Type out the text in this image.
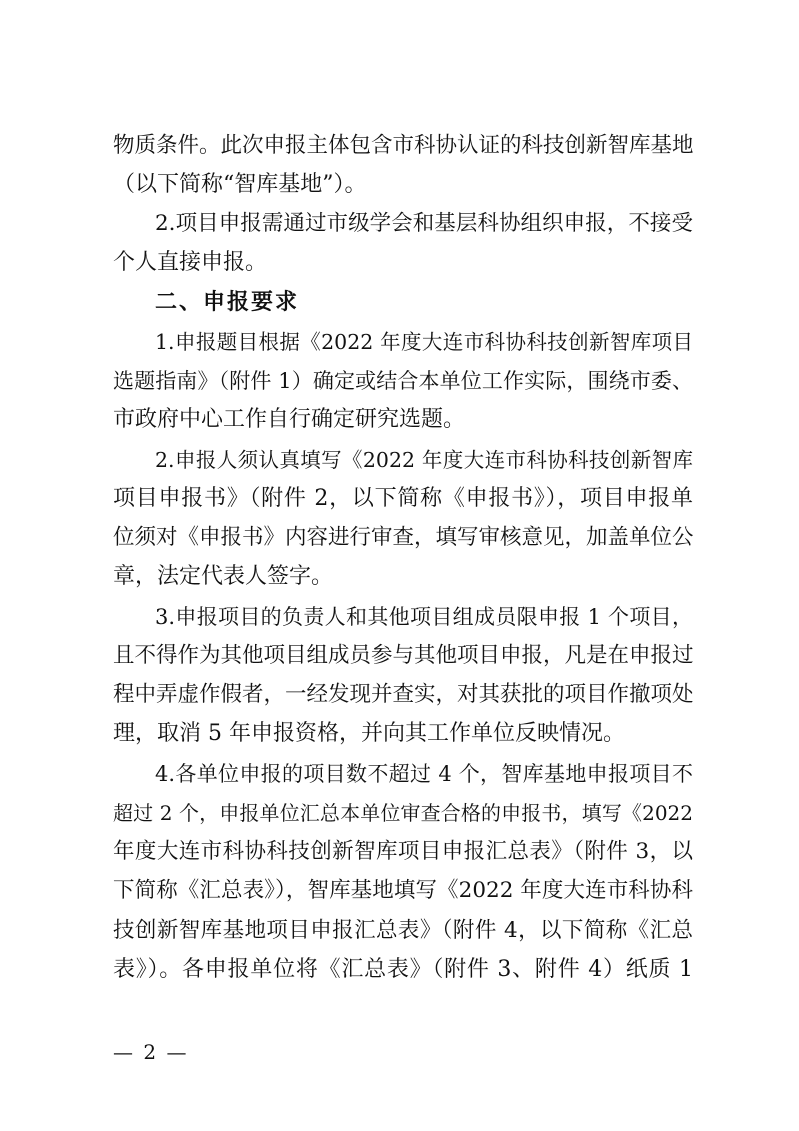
物质条件。此次申报主体包含市科协认证的科技创新智库基地
（以下简称“智库基地”）。
2.项目申报需通过市级学会和基层科协组织申报，不接受
个人直接申报。
二、申报要求
1.申报题目根据《2022 年度大连市科协科技创新智库项目
选题指南》（附件 1）确定或结合本单位工作实际，围绕市委、
市政府中心工作自行确定研究选题。
2.申报人须认真填写《2022 年度大连市科协科技创新智库
项目申报书》（附件 2，以下简称《申报书》），项目申报单
位须对《申报书》内容进行审查，填写审核意见，加盖单位公
章，法定代表人签字。
3.申报项目的负责人和其他项目组成员限申报 1 个项目，
且不得作为其他项目组成员参与其他项目申报，凡是在申报过
程中弄虚作假者，一经发现并查实，对其获批的项目作撤项处
理，取消 5 年申报资格，并向其工作单位反映情况。
4.各单位申报的项目数不超过 4 个，智库基地申报项目不
超过 2 个，申报单位汇总本单位审查合格的申报书，填写《2022
年度大连市科协科技创新智库项目申报汇总表》（附件 3，以
下简称《汇总表》），智库基地填写《2022 年度大连市科协科
技创新智库基地项目申报汇总表》（附件 4，以下简称《汇总
表》）。各申报单位将《汇总表》（附件 3、附件 4）纸质 1
— 2 —
